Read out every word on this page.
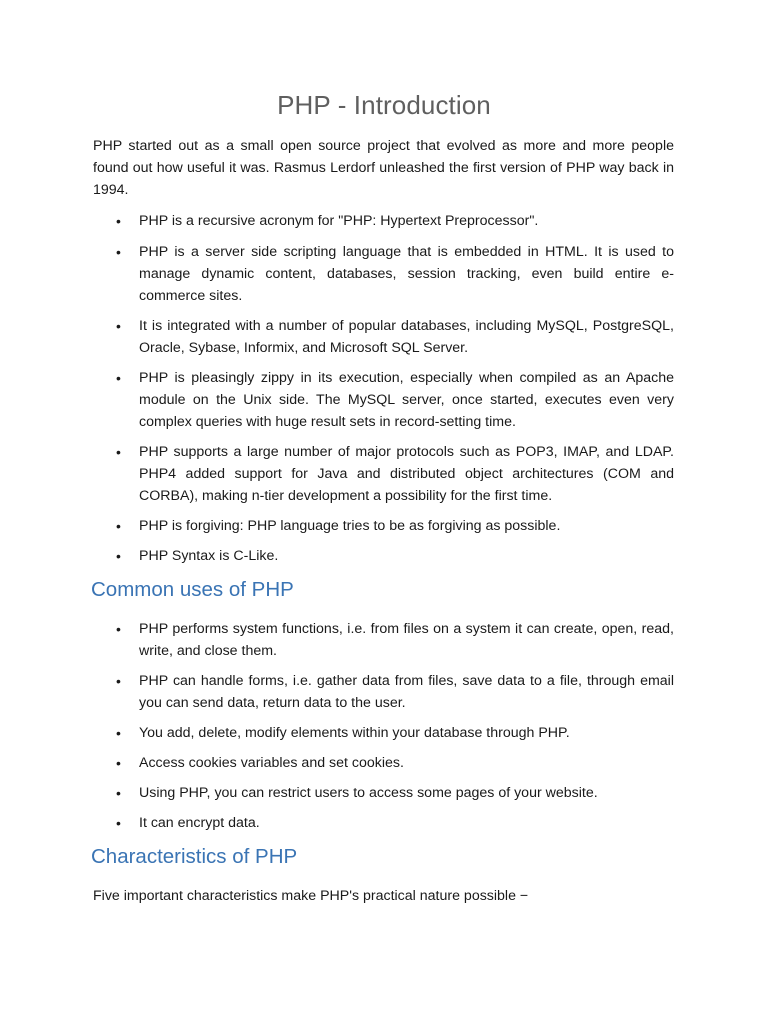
PHP - Introduction

PHP started out as a small open source project that evolved as more and more people found out how useful it was. Rasmus Lerdorf unleashed the first version of PHP way back in 1994.

• PHP is a recursive acronym for "PHP: Hypertext Preprocessor".
• PHP is a server side scripting language that is embedded in HTML. It is used to manage dynamic content, databases, session tracking, even build entire e-commerce sites.
• It is integrated with a number of popular databases, including MySQL, PostgreSQL, Oracle, Sybase, Informix, and Microsoft SQL Server.
• PHP is pleasingly zippy in its execution, especially when compiled as an Apache module on the Unix side. The MySQL server, once started, executes even very complex queries with huge result sets in record-setting time.
• PHP supports a large number of major protocols such as POP3, IMAP, and LDAP. PHP4 added support for Java and distributed object architectures (COM and CORBA), making n-tier development a possibility for the first time.
• PHP is forgiving: PHP language tries to be as forgiving as possible.
• PHP Syntax is C-Like.
Common uses of PHP
• PHP performs system functions, i.e. from files on a system it can create, open, read, write, and close them.
• PHP can handle forms, i.e. gather data from files, save data to a file, through email you can send data, return data to the user.
• You add, delete, modify elements within your database through PHP.
• Access cookies variables and set cookies.
• Using PHP, you can restrict users to access some pages of your website.
• It can encrypt data.
Characteristics of PHP

Five important characteristics make PHP's practical nature possible −
